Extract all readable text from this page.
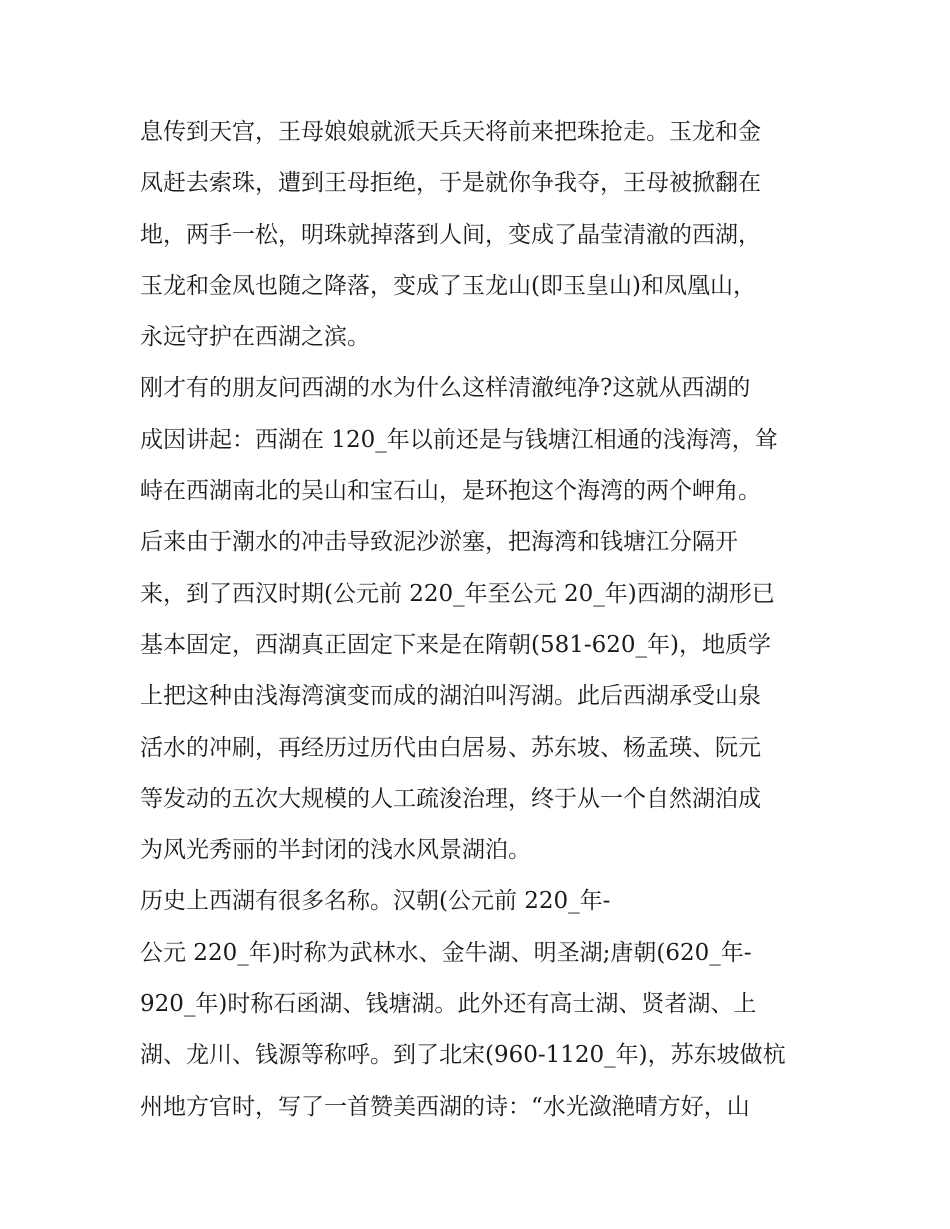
息传到天宫，王母娘娘就派天兵天将前来把珠抢走。玉龙和金
凤赶去索珠，遭到王母拒绝，于是就你争我夺，王母被掀翻在
地，两手一松，明珠就掉落到人间，变成了晶莹清澈的西湖，
玉龙和金凤也随之降落，变成了玉龙山(即玉皇山)和凤凰山，
永远守护在西湖之滨。
刚才有的朋友问西湖的水为什么这样清澈纯净?这就从西湖的
成因讲起：西湖在 120_年以前还是与钱塘江相通的浅海湾，耸
峙在西湖南北的吴山和宝石山，是环抱这个海湾的两个岬角。
后来由于潮水的冲击导致泥沙淤塞，把海湾和钱塘江分隔开
来，到了西汉时期(公元前 220_年至公元 20_年)西湖的湖形已
基本固定，西湖真正固定下来是在隋朝(581-620_年)，地质学
上把这种由浅海湾演变而成的湖泊叫泻湖。此后西湖承受山泉
活水的冲刷，再经历过历代由白居易、苏东坡、杨孟瑛、阮元
等发动的五次大规模的人工疏浚治理，终于从一个自然湖泊成
为风光秀丽的半封闭的浅水风景湖泊。
历史上西湖有很多名称。汉朝(公元前 220_年-
公元 220_年)时称为武林水、金牛湖、明圣湖;唐朝(620_年-
920_年)时称石函湖、钱塘湖。此外还有高士湖、贤者湖、上
湖、龙川、钱源等称呼。到了北宋(960-1120_年)，苏东坡做杭
州地方官时，写了一首赞美西湖的诗：“水光潋滟晴方好，山
